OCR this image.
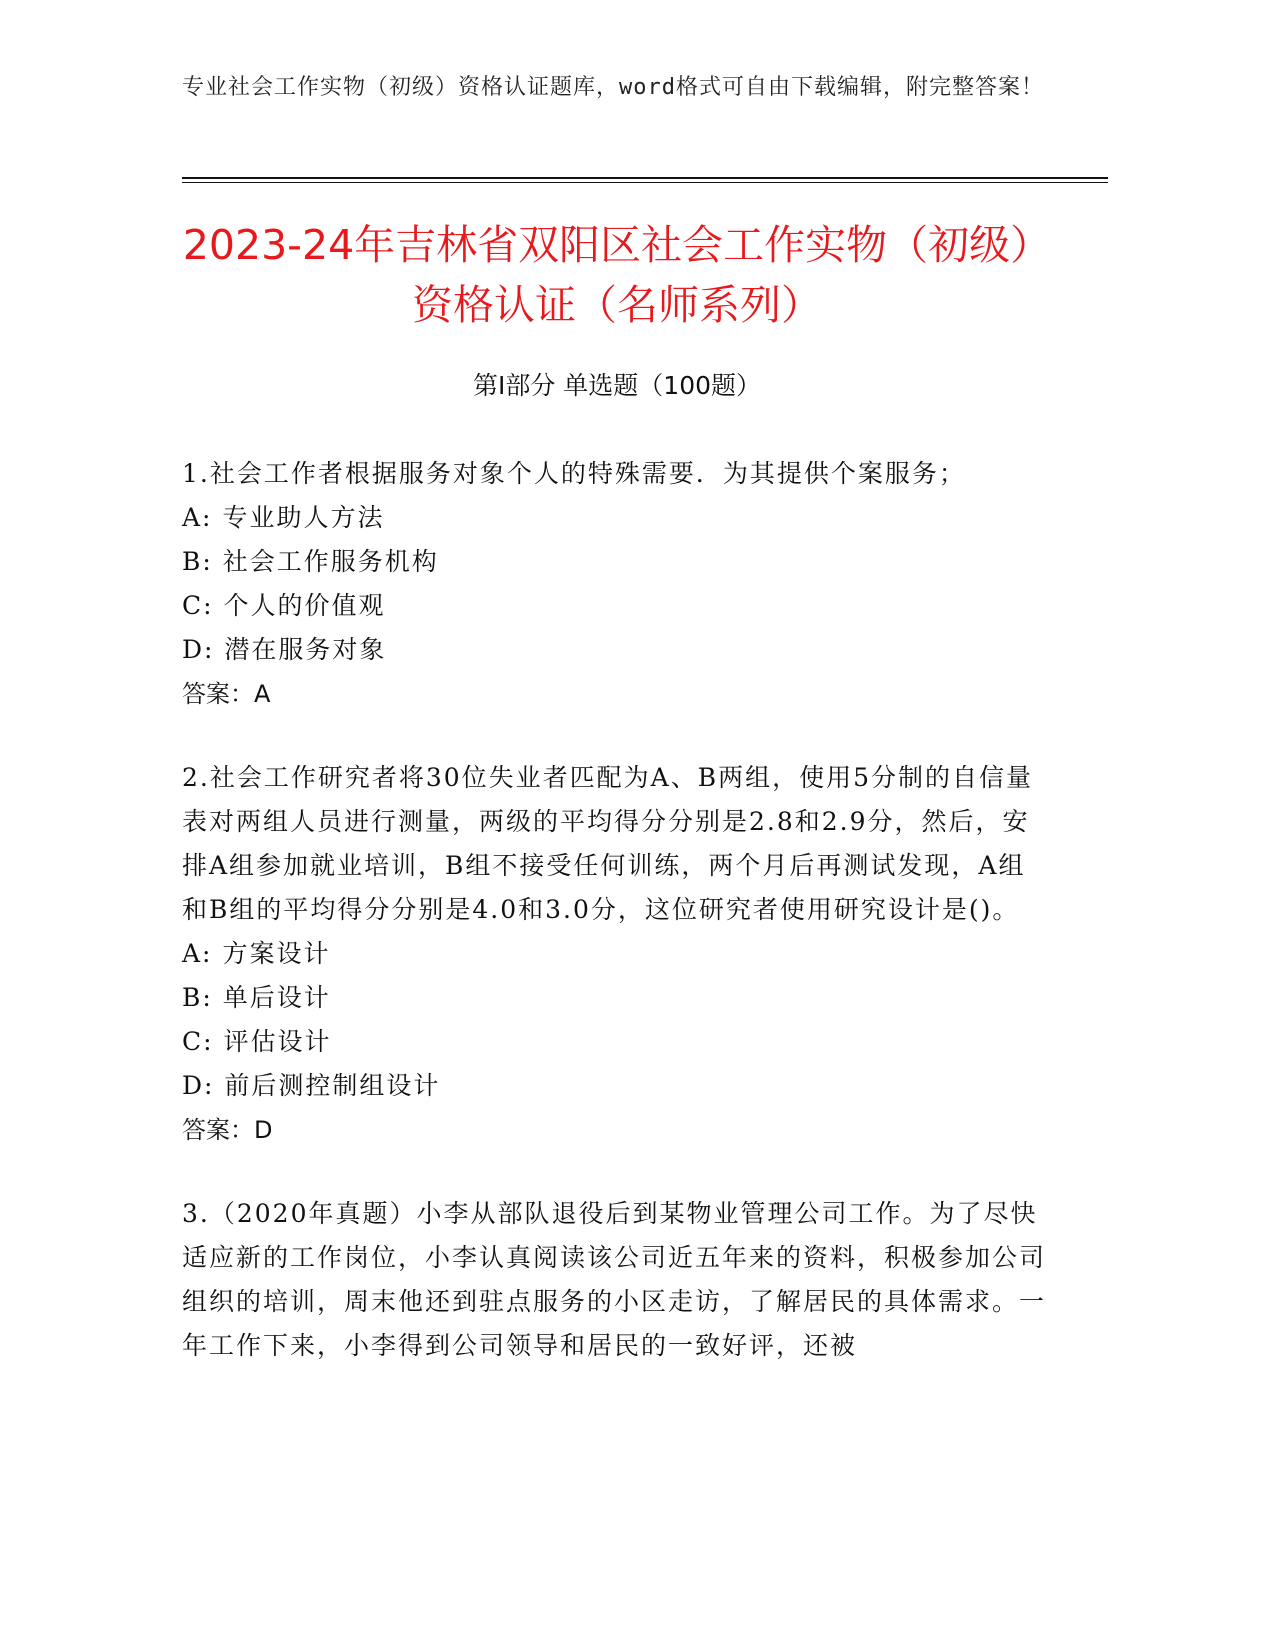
专业社会工作实物（初级）资格认证题库，word格式可自由下载编辑，附完整答案！
2023-24年吉林省双阳区社会工作实物（初级）资格认证（名师系列）
第I部分 单选题（100题）

1.社会工作者根据服务对象个人的特殊需要．为其提供个案服务；

A: 专业助人方法

B: 社会工作服务机构

C: 个人的价值观

D: 潜在服务对象

答案：A

2.社会工作研究者将30位失业者匹配为A、B两组，使用5分制的自信量表对两组人员进行测量，两级的平均得分分别是2.8和2.9分，然后，安排A组参加就业培训，B组不接受任何训练，两个月后再测试发现，A组和B组的平均得分分别是4.0和3.0分，这位研究者使用研究设计是()。

A: 方案设计

B: 单后设计

C: 评估设计

D: 前后测控制组设计

答案：D

3.（2020年真题）小李从部队退役后到某物业管理公司工作。为了尽快适应新的工作岗位，小李认真阅读该公司近五年来的资料，积极参加公司组织的培训，周末他还到驻点服务的小区走访，了解居民的具体需求。一年工作下来，小李得到公司领导和居民的一致好评，还被
